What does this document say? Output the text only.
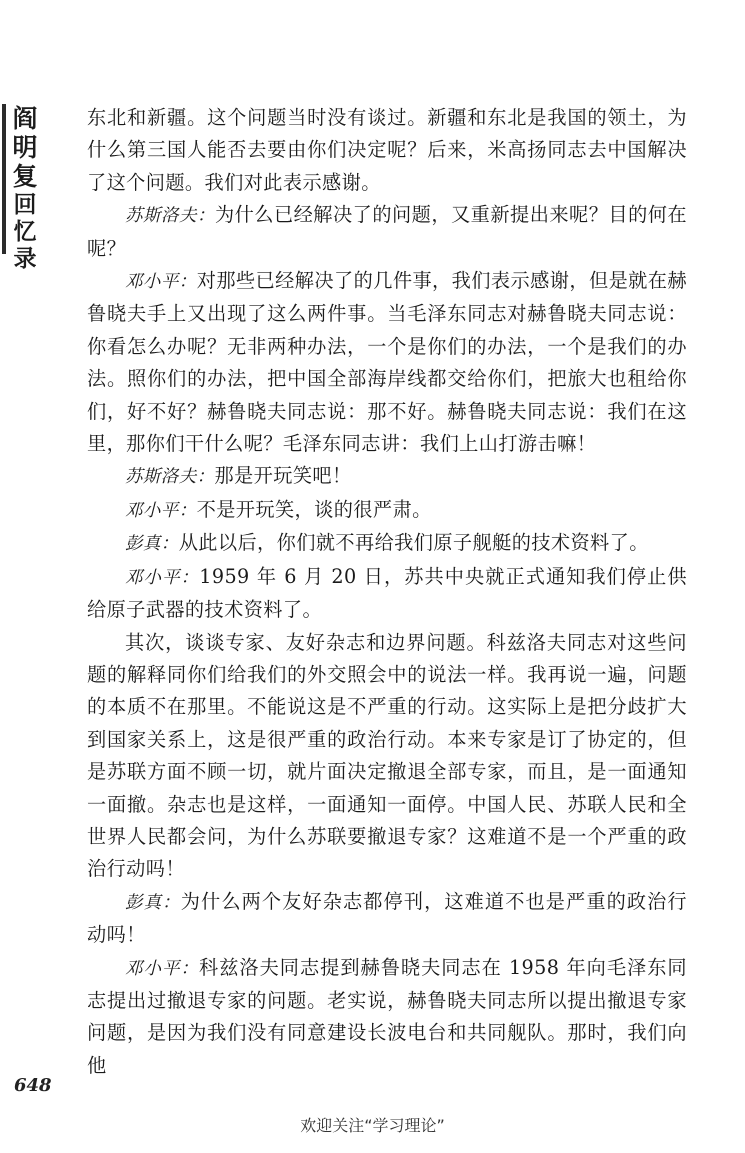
阎
明
复
回
忆
录

东北和新疆。这个问题当时没有谈过。新疆和东北是我国的领土，为什么第三国人能否去要由你们决定呢？后来，米高扬同志去中国解决了这个问题。我们对此表示感谢。

苏斯洛夫：为什么已经解决了的问题，又重新提出来呢？目的何在呢？

邓小平：对那些已经解决了的几件事，我们表示感谢，但是就在赫鲁晓夫手上又出现了这么两件事。当毛泽东同志对赫鲁晓夫同志说：你看怎么办呢？无非两种办法，一个是你们的办法，一个是我们的办法。照你们的办法，把中国全部海岸线都交给你们，把旅大也租给你们，好不好？赫鲁晓夫同志说：那不好。赫鲁晓夫同志说：我们在这里，那你们干什么呢？毛泽东同志讲：我们上山打游击嘛！

苏斯洛夫：那是开玩笑吧！

邓小平：不是开玩笑，谈的很严肃。

彭真：从此以后，你们就不再给我们原子舰艇的技术资料了。

邓小平：1959 年 6 月 20 日，苏共中央就正式通知我们停止供给原子武器的技术资料了。

其次，谈谈专家、友好杂志和边界问题。科兹洛夫同志对这些问题的解释同你们给我们的外交照会中的说法一样。我再说一遍，问题的本质不在那里。不能说这是不严重的行动。这实际上是把分歧扩大到国家关系上，这是很严重的政治行动。本来专家是订了协定的，但是苏联方面不顾一切，就片面决定撤退全部专家，而且，是一面通知一面撤。杂志也是这样，一面通知一面停。中国人民、苏联人民和全世界人民都会问，为什么苏联要撤退专家？这难道不是一个严重的政治行动吗！

彭真：为什么两个友好杂志都停刊，这难道不也是严重的政治行动吗！

邓小平：科兹洛夫同志提到赫鲁晓夫同志在 1958 年向毛泽东同志提出过撤退专家的问题。老实说，赫鲁晓夫同志所以提出撤退专家问题，是因为我们没有同意建设长波电台和共同舰队。那时，我们向他

648
欢迎关注“学习理论”
